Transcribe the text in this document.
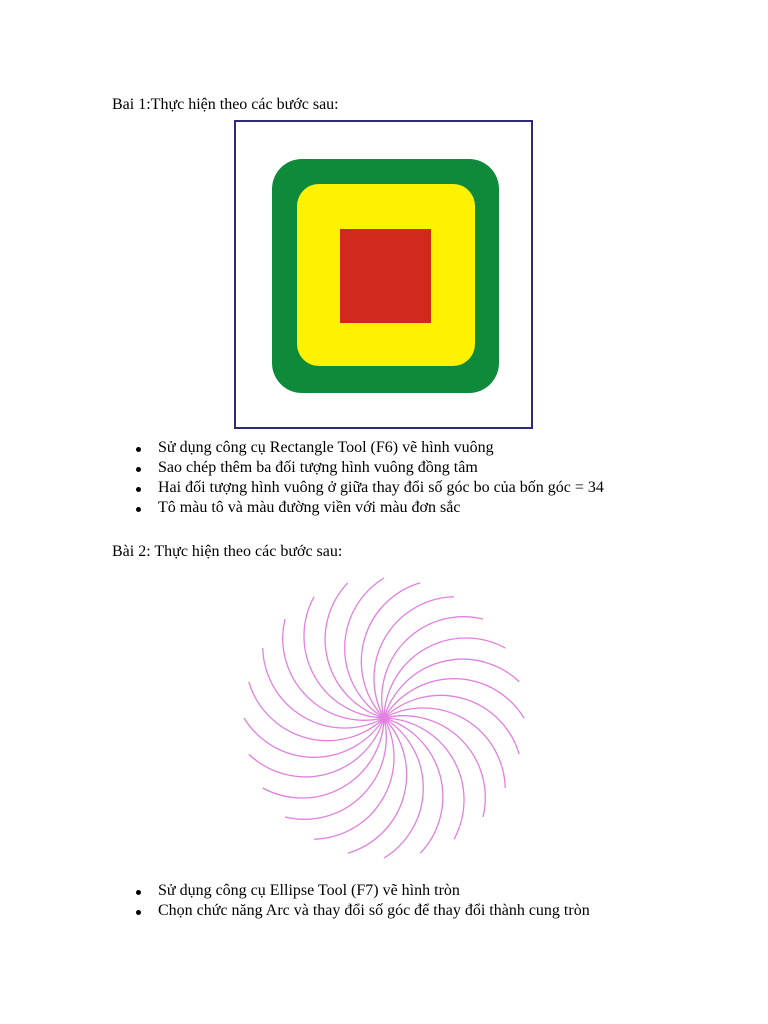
Bai 1:Thực hiện theo các bước sau:

Sử dụng công cụ Rectangle Tool (F6) vẽ hình vuông
Sao chép thêm ba đối tượng hình vuông đồng tâm
Hai đối tượng hình vuông ở giữa thay đổi số góc bo của bốn góc = 34
Tô màu tô và màu đường viền với màu đơn sắc

Bài 2: Thực hiện theo các bước sau:

Sử dụng công cụ Ellipse Tool (F7) vẽ hình tròn
Chọn chức năng Arc và thay đổi số góc để thay đổi thành cung tròn
